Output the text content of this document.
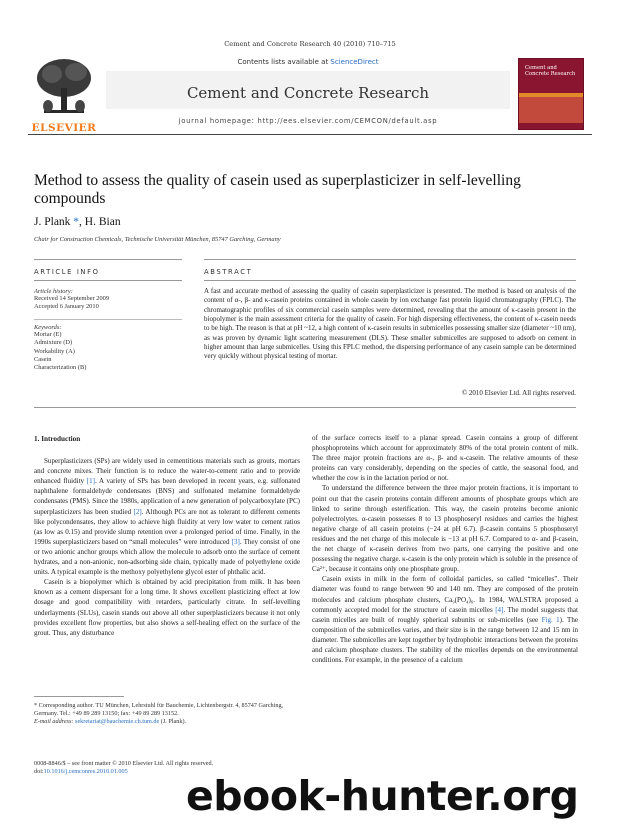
Cement and Concrete Research 40 (2010) 710–715
ELSEVIER
Contents lists available at ScienceDirect
Cement and Concrete Research
journal homepage: http://ees.elsevier.com/CEMCON/default.asp
Cement and Concrete Research
Method to assess the quality of casein used as superplasticizer in self-levelling compounds
J. Plank *, H. Bian
Chair for Construction Chemicals, Technische Universität München, 85747 Garching, Germany
ARTICLE INFO	ABSTRACT
Article history:
Received 14 September 2009
Accepted 6 January 2010
Keywords:
Mortar (E)
Admixture (D)
Workability (A)
Casein
Characterization (B)
A fast and accurate method of assessing the quality of casein superplasticizer is presented. The method is based on analysis of the content of α-, β- and κ-casein proteins contained in whole casein by ion exchange fast protein liquid chromatography (FPLC). The chromatographic profiles of six commercial casein samples were determined, revealing that the amount of κ-casein present in the biopolymer is the main assessment criteria for the quality of casein. For high dispersing effectiveness, the content of κ-casein needs to be high. The reason is that at pH ~12, a high content of κ-casein results in submicelles possessing smaller size (diameter ~10 nm), as was proven by dynamic light scattering measurement (DLS). These smaller submicelles are supposed to adsorb on cement in higher amount than large submicelles. Using this FPLC method, the dispersing performance of any casein sample can be determined very quickly without physical testing of mortar.
© 2010 Elsevier Ltd. All rights reserved.

1. Introduction

Superplasticizers (SPs) are widely used in cementitious materials such as grouts, mortars and concrete mixes. Their function is to reduce the water-to-cement ratio and to provide enhanced fluidity [1]. A variety of SPs has been developed in recent years, e.g. sulfonated naphthalene formaldehyde condensates (BNS) and sulfonated melamine formaldehyde condensates (PMS). Since the 1980s, application of a new generation of polycarboxylate (PC) superplasticizers has been studied [2]. Although PCs are not as tolerant to different cements like polycondensates, they allow to achieve high fluidity at very low water to cement ratios (as low as 0.15) and provide slump retention over a prolonged period of time. Finally, in the 1990s superplasticizers based on “small molecules” were introduced [3]. They consist of one or two anionic anchor groups which allow the molecule to adsorb onto the surface of cement hydrates, and a non-anionic, non-adsorbing side chain, typically made of polyethylene oxide units. A typical example is the methoxy polyethylene glycol ester of phthalic acid.

Casein is a biopolymer which is obtained by acid precipitation from milk. It has been known as a cement dispersant for a long time. It shows excellent plasticizing effect at low dosage and good compatibility with retarders, particularly citrate. In self-levelling underlayments (SLUs), casein stands out above all other superplasticizers because it not only provides excellent flow properties, but also shows a self-healing effect on the surface of the grout. Thus, any disturbance

of the surface corrects itself to a planar spread. Casein contains a group of different phosphoproteins which account for approximately 80% of the total protein content of milk. The three major protein fractions are α-, β- and κ-casein. The relative amounts of these proteins can vary considerably, depending on the species of cattle, the seasonal food, and whether the cow is in the lactation period or not.

To understand the difference between the three major protein fractions, it is important to point out that the casein proteins contain different amounts of phosphate groups which are linked to serine through esterification. This way, the casein proteins become anionic polyelectrolytes. α-casein possesses 8 to 13 phosphoseryl residues and carries the highest negative charge of all casein proteins (−24 at pH 6.7). β-casein contains 5 phosphoseryl residues and the net charge of this molecule is −13 at pH 6.7. Compared to α- and β-casein, the net charge of κ-casein derives from two parts, one carrying the positive and one possessing the negative charge. κ-casein is the only protein which is soluble in the presence of Ca²⁺, because it contains only one phosphate group.

Casein exists in milk in the form of colloidal particles, so called “micelles”. Their diameter was found to range between 90 and 140 nm. They are composed of the protein molecules and calcium phosphate clusters, Ca₉(PO₄)₆. In 1984, WALSTRA proposed a commonly accepted model for the structure of casein micelles [4]. The model suggests that casein micelles are built of roughly spherical subunits or sub-micelles (see Fig. 1). The composition of the submicelles varies, and their size is in the range between 12 and 15 nm in diameter. The submicelles are kept together by hydrophobic interactions between the proteins and calcium phosphate clusters. The stability of the micelles depends on the environmental conditions. For example, in the presence of a calcium

* Corresponding author. TU München, Lehrstuhl für Bauchemie, Lichtenbergstr. 4, 85747 Garching, Germany. Tel.: +49 89 289 13150; fax: +49 89 289 13152.
E-mail address: sekretariat@bauchemie.ch.tum.de (J. Plank).
0008-8846/$ – see front matter © 2010 Elsevier Ltd. All rights reserved.
doi:10.1016/j.cemconres.2010.01.005
ebook-hunter.org
